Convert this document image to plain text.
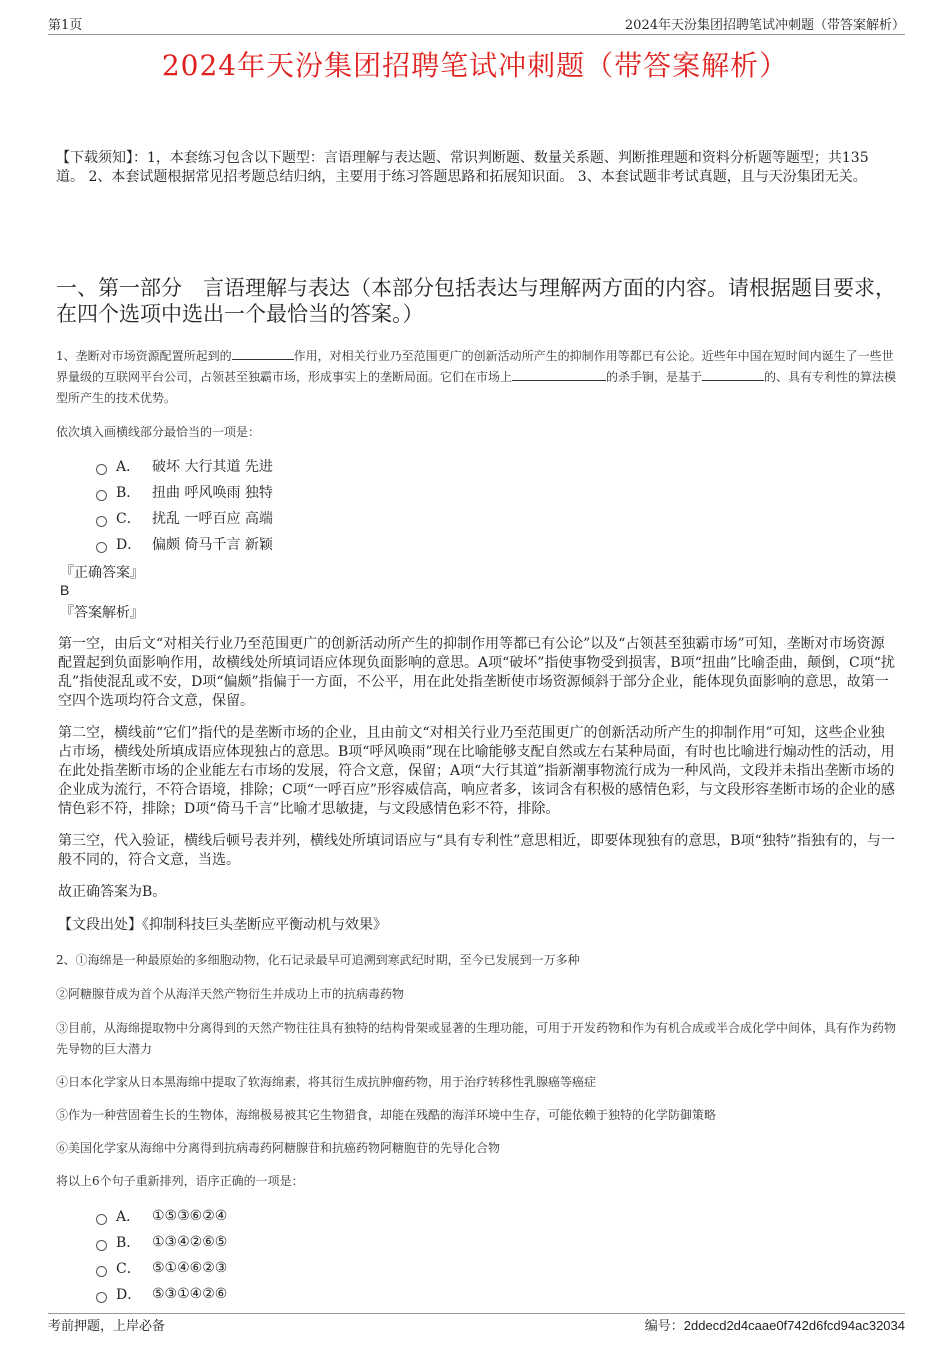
第1页	2024年天汾集团招聘笔试冲刺题（带答案解析）
2024年天汾集团招聘笔试冲刺题（带答案解析）
【下载须知】：1，本套练习包含以下题型：言语理解与表达题、常识判断题、数量关系题、判断推理题和资料分析题等题型；共135道。 2、本套试题根据常见招考题总结归纳，主要用于练习答题思路和拓展知识面。 3、本套试题非考试真题，且与天汾集团无关。
一、第一部分　言语理解与表达（本部分包括表达与理解两方面的内容。请根据题目要求，在四个选项中选出一个最恰当的答案。）
1、垄断对市场资源配置所起到的	作用，对相关行业乃至范围更广的创新活动所产生的抑制作用等都已有公论。近些年中国在短时间内诞生了一些世界量级的互联网平台公司，占领甚至独霸市场，形成事实上的垄断局面。它们在市场上	的杀手锏，是基于	的、具有专利性的算法模型所产生的技术优势。
依次填入画横线部分最恰当的一项是：
A． 破坏 大行其道 先进
B． 扭曲 呼风唤雨 独特
C． 扰乱 一呼百应 高端
D． 偏颇 倚马千言 新颖
『正确答案』
B
『答案解析』
第一空，由后文“对相关行业乃至范围更广的创新活动所产生的抑制作用等都已有公论”以及“占领甚至独霸市场”可知，垄断对市场资源配置起到负面影响作用，故横线处所填词语应体现负面影响的意思。A项“破坏”指使事物受到损害，B项“扭曲”比喻歪曲，颠倒，C项“扰乱”指使混乱或不安，D项“偏颇”指偏于一方面，不公平，用在此处指垄断使市场资源倾斜于部分企业，能体现负面影响的意思，故第一空四个选项均符合文意，保留。
第二空，横线前“它们”指代的是垄断市场的企业，且由前文“对相关行业乃至范围更广的创新活动所产生的抑制作用”可知，这些企业独占市场，横线处所填成语应体现独占的意思。B项“呼风唤雨”现在比喻能够支配自然或左右某种局面，有时也比喻进行煽动性的活动，用在此处指垄断市场的企业能左右市场的发展，符合文意，保留；A项“大行其道”指新潮事物流行成为一种风尚，文段并未指出垄断市场的企业成为流行，不符合语境，排除；C项“一呼百应”形容威信高，响应者多，该词含有积极的感情色彩，与文段形容垄断市场的企业的感情色彩不符，排除；D项“倚马千言”比喻才思敏捷，与文段感情色彩不符，排除。
第三空，代入验证，横线后顿号表并列，横线处所填词语应与“具有专利性”意思相近，即要体现独有的意思，B项“独特”指独有的，与一般不同的，符合文意，当选。
故正确答案为B。
【文段出处】《抑制科技巨头垄断应平衡动机与效果》
2、①海绵是一种最原始的多细胞动物，化石记录最早可追溯到寒武纪时期，至今已发展到一万多种
②阿糖腺苷成为首个从海洋天然产物衍生并成功上市的抗病毒药物
③目前，从海绵提取物中分离得到的天然产物往往具有独特的结构骨架或显著的生理功能，可用于开发药物和作为有机合成或半合成化学中间体，具有作为药物先导物的巨大潜力
④日本化学家从日本黑海绵中提取了软海绵素，将其衍生成抗肿瘤药物，用于治疗转移性乳腺癌等癌症
⑤作为一种营固着生长的生物体，海绵极易被其它生物猎食，却能在残酷的海洋环境中生存，可能依赖于独特的化学防御策略
⑥美国化学家从海绵中分离得到抗病毒药阿糖腺苷和抗癌药物阿糖胞苷的先导化合物
将以上6个句子重新排列，语序正确的一项是：
A． ①⑤③⑥②④
B． ①③④②⑥⑤
C． ⑤①④⑥②③
D． ⑤③①④②⑥
考前押题，上岸必备	编号：2ddecd2d4caae0f742d6fcd94ac32034
